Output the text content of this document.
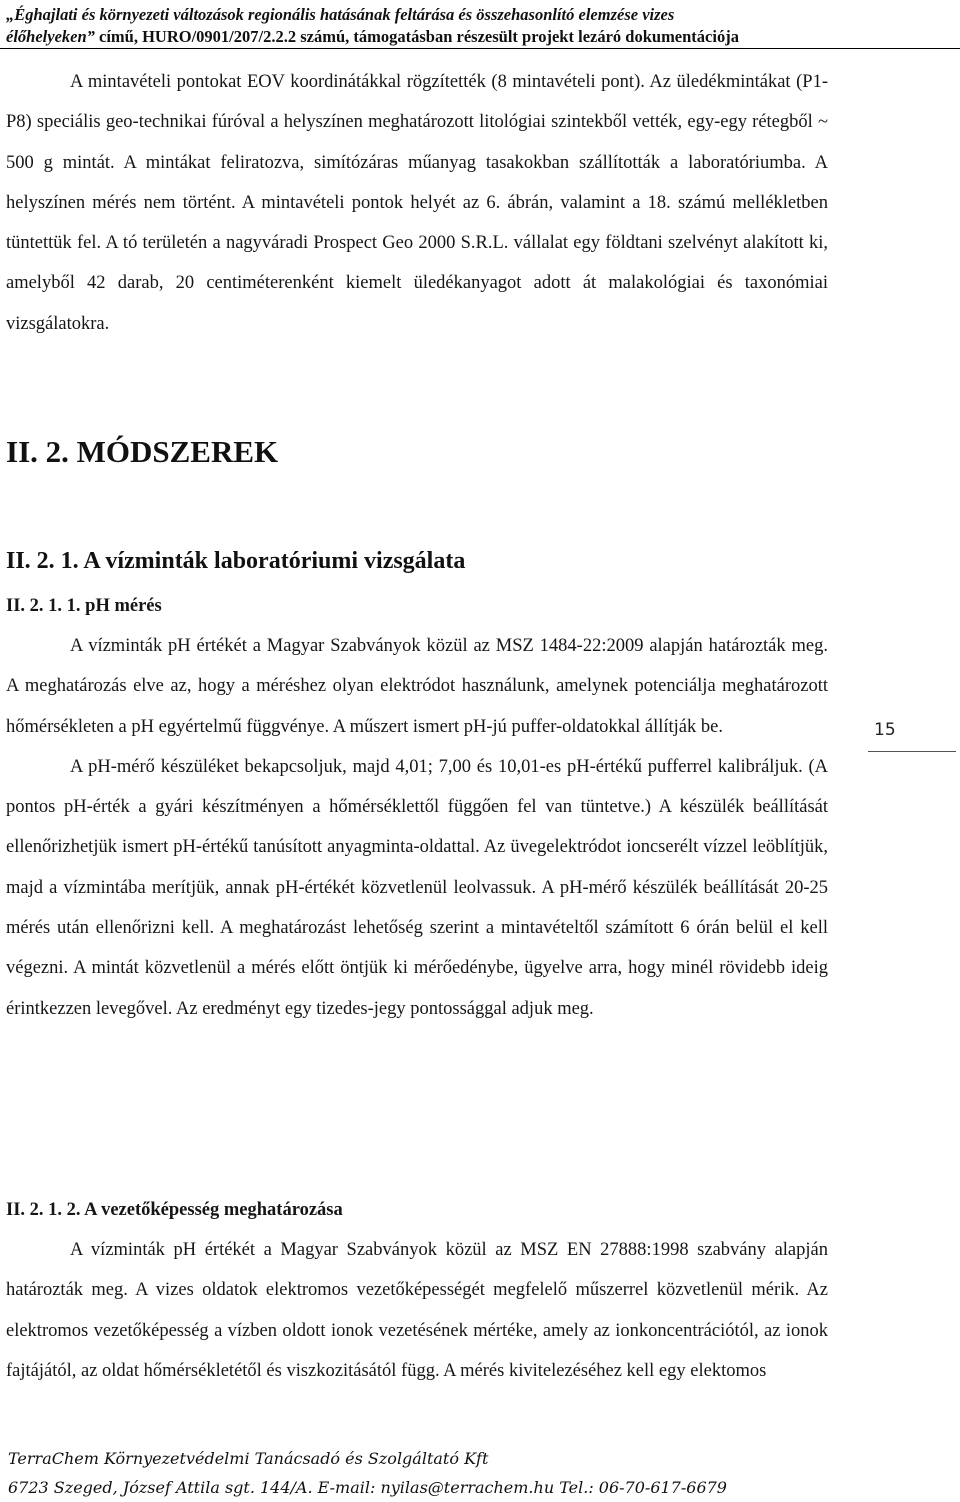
„Éghajlati és környezeti változások regionális hatásának feltárása és összehasonlító elemzése vizes
élőhelyeken” című, HURO/0901/207/2.2.2 számú, támogatásban részesült projekt lezáró dokumentációja

A mintavételi pontokat EOV koordinátákkal rögzítették (8 mintavételi pont). Az üledékmintákat (P1-P8) speciális geo-technikai fúróval a helyszínen meghatározott litológiai szintekből vették, egy-egy rétegből ~ 500 g mintát. A mintákat feliratozva, simítózáras műanyag tasakokban szállították a laboratóriumba. A helyszínen mérés nem történt. A mintavételi pontok helyét az 6. ábrán, valamint a 18. számú mellékletben tüntettük fel. A tó területén a nagyváradi Prospect Geo 2000 S.R.L. vállalat egy földtani szelvényt alakított ki, amelyből 42 darab, 20 centiméterenként kiemelt üledékanyagot adott át malakológiai és taxonómiai vizsgálatokra.

II. 2. MÓDSZEREK
II. 2. 1. A vízminták laboratóriumi vizsgálata
II. 2. 1. 1. pH mérés

A vízminták pH értékét a Magyar Szabványok közül az MSZ 1484-22:2009 alapján határozták meg. A meghatározás elve az, hogy a méréshez olyan elektródot használunk, amelynek potenciálja meghatározott hőmérsékleten a pH egyértelmű függvénye. A műszert ismert pH-jú puffer-oldatokkal állítják be.

A pH-mérő készüléket bekapcsoljuk, majd 4,01; 7,00 és 10,01-es pH-értékű pufferrel kalibráljuk. (A pontos pH-érték a gyári készítményen a hőmérséklettől függően fel van tüntetve.) A készülék beállítását ellenőrizhetjük ismert pH-értékű tanúsított anyagminta-oldattal. Az üvegelektródot ioncserélt vízzel leöblítjük, majd a vízmintába merítjük, annak pH-értékét közvetlenül leolvassuk. A pH-mérő készülék beállítását 20-25 mérés után ellenőrizni kell. A meghatározást lehetőség szerint a mintavételtől számított 6 órán belül el kell végezni. A mintát közvetlenül a mérés előtt öntjük ki mérőedénybe, ügyelve arra, hogy minél rövidebb ideig érintkezzen levegővel. Az eredményt egy tizedes-jegy pontossággal adjuk meg.

II. 2. 1. 2. A vezetőképesség meghatározása

A vízminták pH értékét a Magyar Szabványok közül az MSZ EN 27888:1998 szabvány alapján határozták meg. A vizes oldatok elektromos vezetőképességét megfelelő műszerrel közvetlenül mérik. Az elektromos vezetőképesség a vízben oldott ionok vezetésének mértéke, amely az ionkoncentrációtól, az ionok fajtájától, az oldat hőmérsékletétől és viszkozitásától függ. A mérés kivitelezéséhez kell egy elektomos

15
TerraChem Környezetvédelmi Tanácsadó és Szolgáltató Kft
6723 Szeged, József Attila sgt. 144/A. E-mail: nyilas@terrachem.hu Tel.: 06-70-617-6679
